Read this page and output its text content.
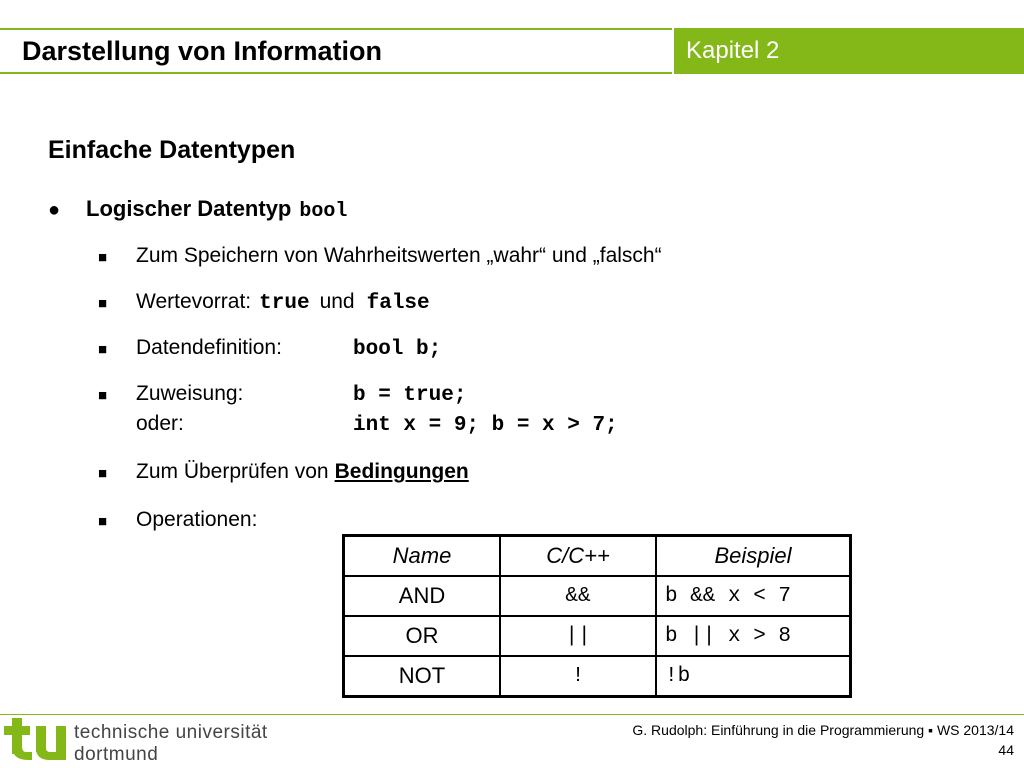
Darstellung von Information	Kapitel 2
Einfache Datentypen
●	Logischer Datentyp bool
■	Zum Speichern von Wahrheitswerten „wahr“ und „falsch“
■	Wertevorrat: true und false
■	Datendefinition:	bool b;
■	Zuweisung:	b = true;
oder:	int x = 9; b = x > 7;
■	Zum Überprüfen von Bedingungen
■	Operationen:
Name	C/C++	Beispiel
AND	&&	b && x < 7
OR	||	b || x > 8
NOT	!	!b
technische universität
dortmund
G. Rudolph: Einführung in die Programmierung ▪ WS 2013/14
44
